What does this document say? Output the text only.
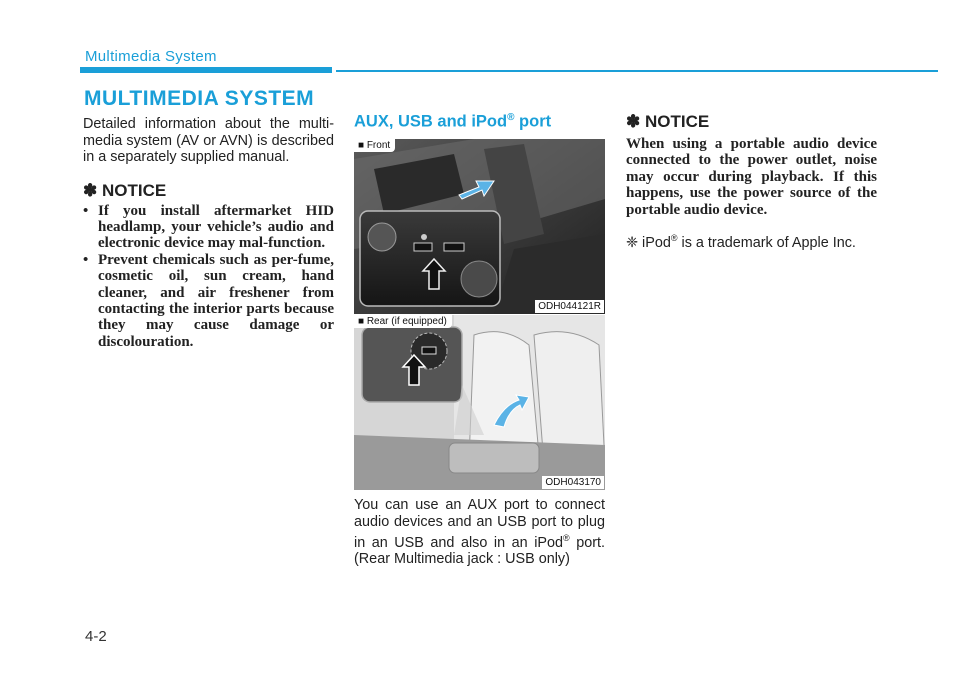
Multimedia System
MULTIMEDIA SYSTEM

Detailed information about the multi-media system (AV or AVN) is described in a separately supplied manual.

✽ NOTICE

• If you install aftermarket HID headlamp, your vehicle’s audio and electronic device may mal-function.
• Prevent chemicals such as per-fume, cosmetic oil, sun cream, hand cleaner, and air freshener from contacting the interior parts because they may cause damage or discolouration.

AUX, USB and iPod® port

■ Front
ODH044121R
■ Rear (if equipped)
ODH043170

You can use an AUX port to connect audio devices and an USB port to plug in an USB and also in an iPod® port. (Rear Multimedia jack : USB only)

✽ NOTICE

When using a portable audio device connected to the power outlet, noise may occur during playback. If this happens, use the power source of the portable audio device.

❈ iPod® is a trademark of Apple Inc.

4-2
